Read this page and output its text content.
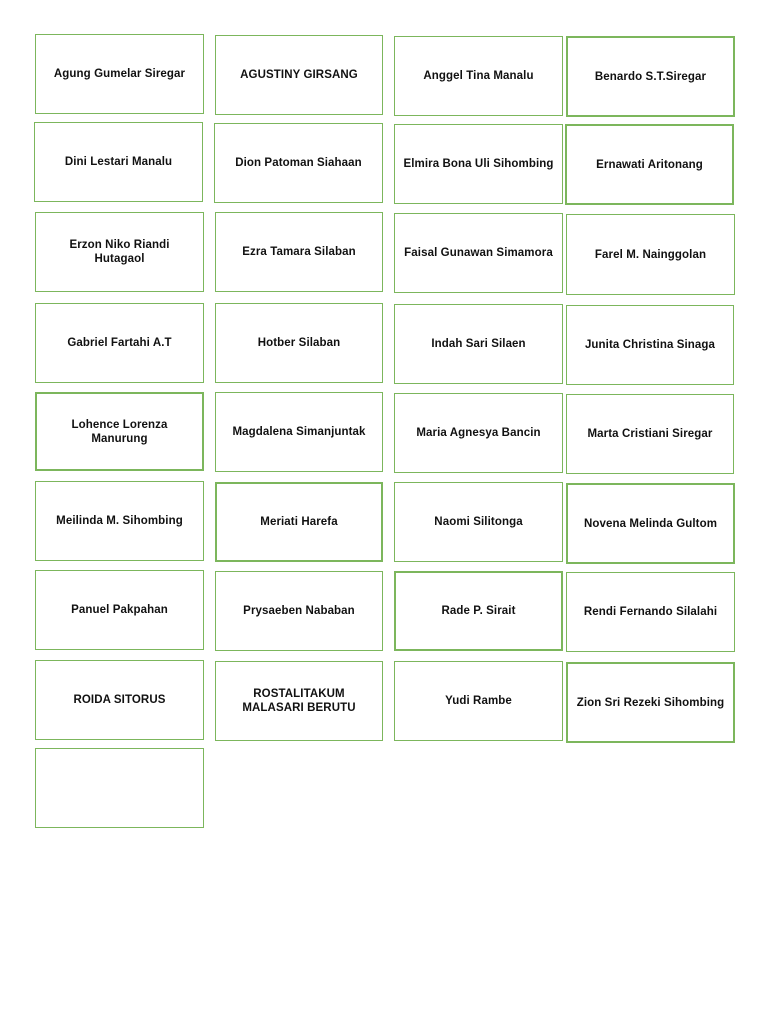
Agung Gumelar Siregar	AGUSTINY GIRSANG	Anggel Tina Manalu	Benardo S.T.Siregar
Dini Lestari Manalu	Dion Patoman Siahaan	Elmira Bona Uli Sihombing	Ernawati Aritonang
Erzon Niko Riandi Hutagaol
Ezra Tamara Silaban	Faisal Gunawan Simamora	Farel M. Nainggolan
Gabriel Fartahi A.T	Hotber Silaban	Indah Sari Silaen	Junita Christina Sinaga
Lohence Lorenza Manurung
Magdalena Simanjuntak	Maria Agnesya Bancin	Marta Cristiani Siregar
Meilinda M. Sihombing	Meriati Harefa	Naomi Silitonga	Novena Melinda Gultom
Panuel Pakpahan	Prysaeben Nababan	Rade P. Sirait	Rendi Fernando Silalahi
ROIDA SITORUS	ROSTALITAKUM MALASARI BERUTU
Yudi Rambe	Zion Sri Rezeki Sihombing
